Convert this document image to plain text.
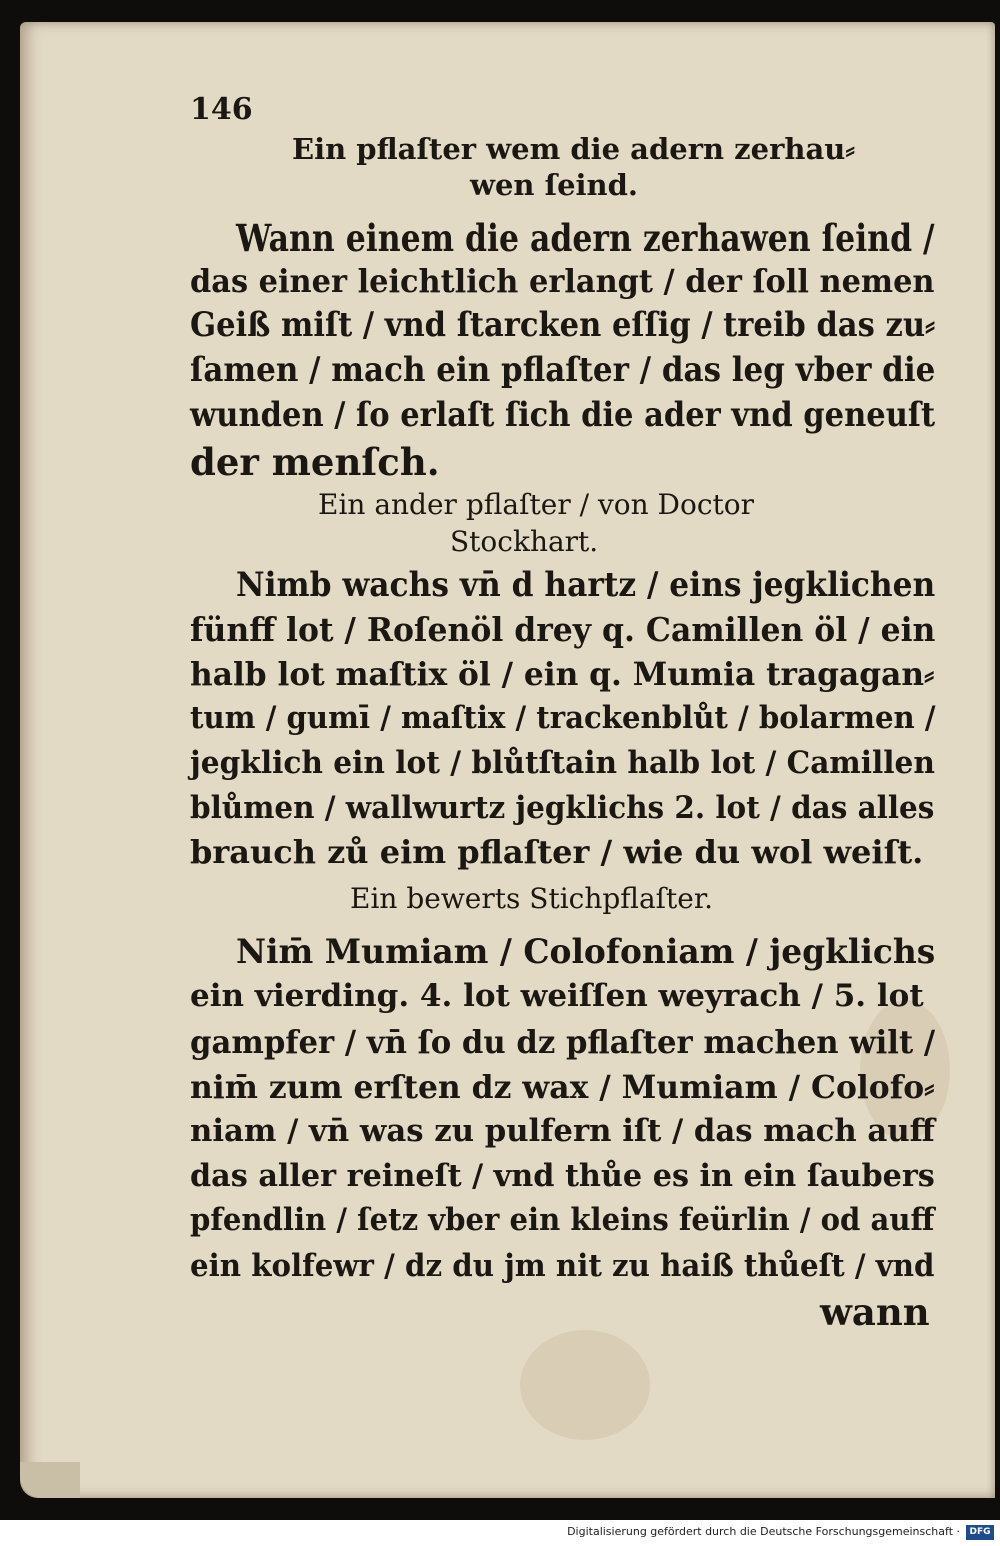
146
Ein pflaſter wem die adern zerhau⸗
wen ſeind.
Wann einem die adern zerhawen ſeind /
das einer leichtlich erlangt / der ſoll nemen
Geiß miſt / vnd ſtarcken eſſig / treib das zu⸗
ſamen / mach ein pflaſter / das leg vber die
wunden / ſo erlaſt ſich die ader vnd geneuſt
der menſch.
Ein ander pflaſter / von Doctor
Stockhart.
Nimb wachs vn̄ d hartz / eins jegklichen
fünff lot / Roſenöl drey q. Camillen öl / ein
halb lot maſtix öl / ein q. Mumia tragagan⸗
tum / gumī / maſtix / trackenblůt / bolarmen /
jegklich ein lot / blůtſtain halb lot / Camillen
blůmen / wallwurtz jegklichs 2. lot / das alles
brauch zů eim pflaſter / wie du wol weiſt.
Ein bewerts Stichpflaſter.
Nim̄ Mumiam / Colofoniam / jegklichs
ein vierding. 4. lot weiſſen weyrach / 5. lot
gampfer / vn̄ ſo du dz pflaſter machen wilt /
nim̄ zum erſten dz wax / Mumiam / Colofo⸗
niam / vn̄ was zu pulfern iſt / das mach auff
das aller reineſt / vnd thůe es in ein ſaubers
pfendlin / ſetz vber ein kleins feürlin / od auff
ein kolfewr / dz du jm nit zu haiß thůeſt / vnd
wann
Digitalisierung gefördert durch die Deutsche Forschungsgemeinschaft ·	DFG
